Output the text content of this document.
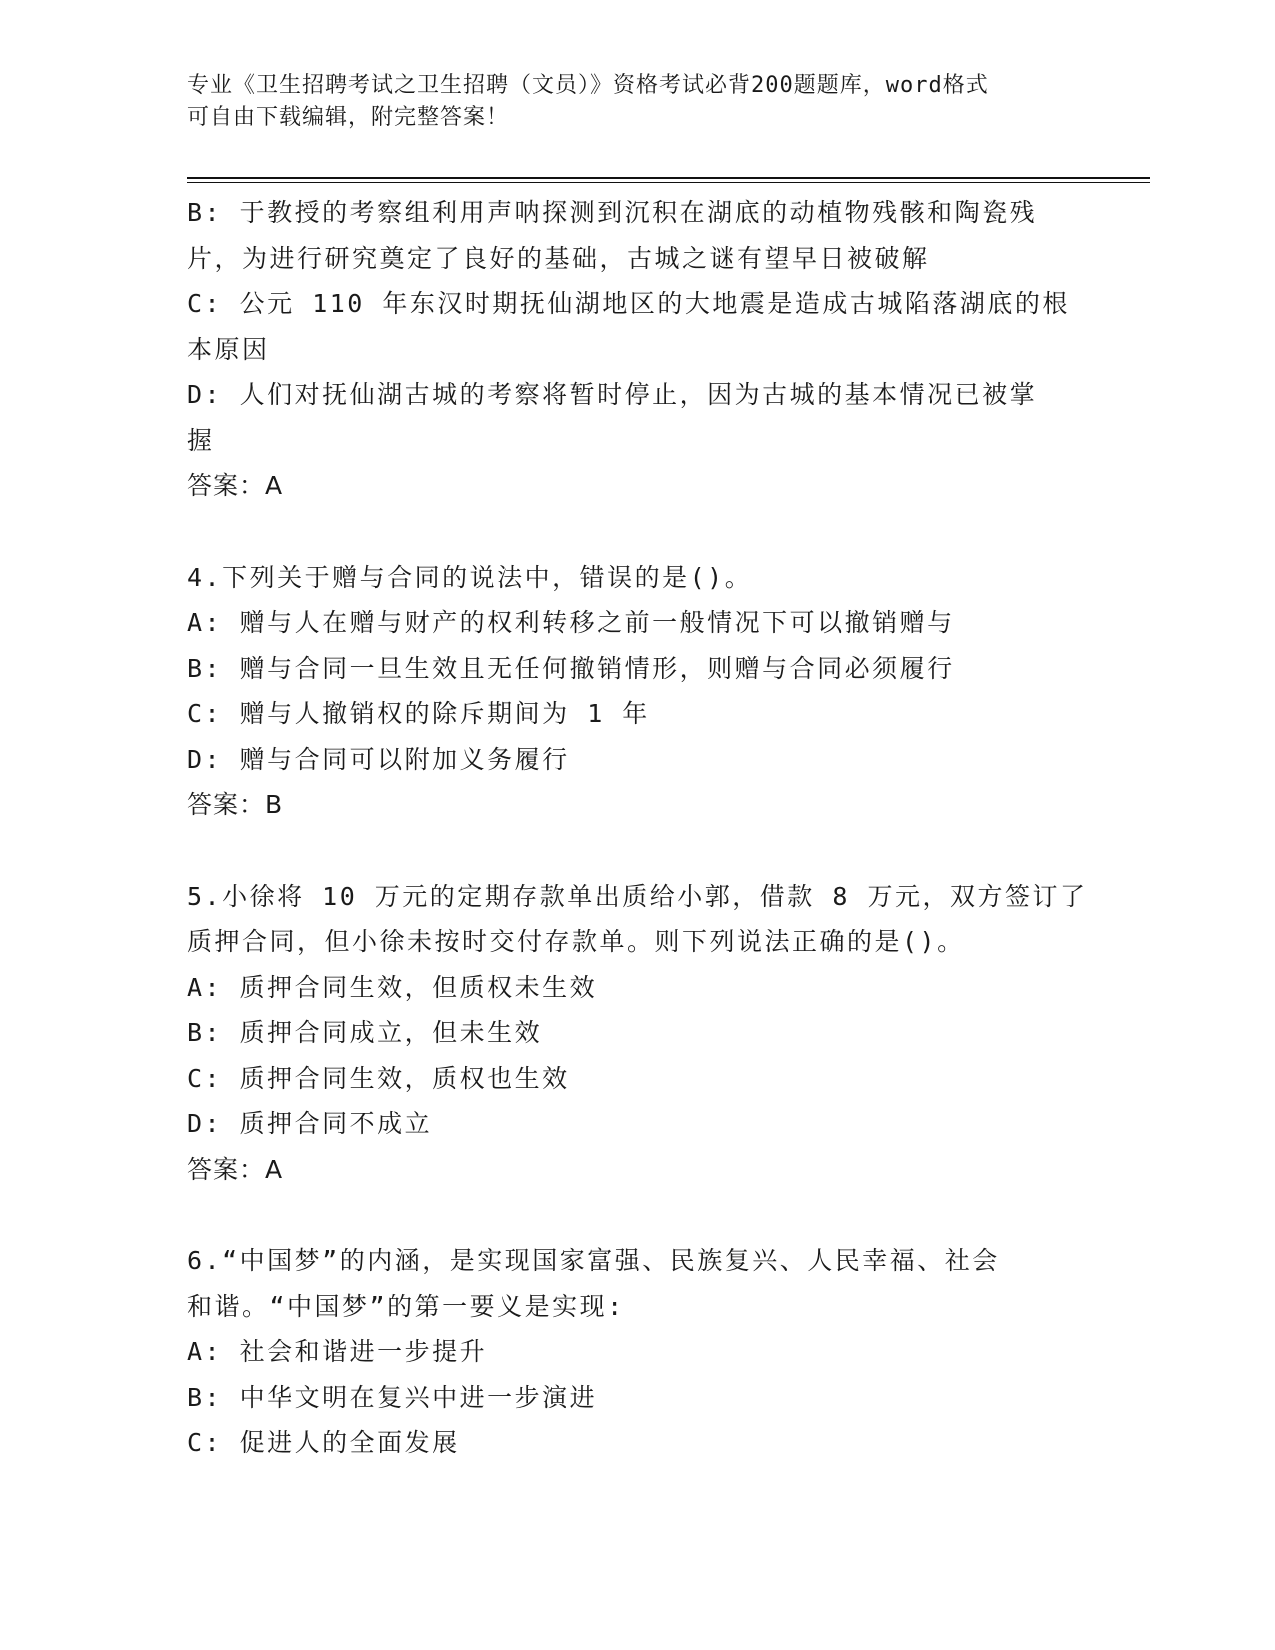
专业《卫生招聘考试之卫生招聘（文员）》资格考试必背200题题库，word格式
可自由下载编辑，附完整答案！
B: 于教授的考察组利用声呐探测到沉积在湖底的动植物残骸和陶瓷残
片，为进行研究奠定了良好的基础，古城之谜有望早日被破解
C: 公元 110 年东汉时期抚仙湖地区的大地震是造成古城陷落湖底的根
本原因
D: 人们对抚仙湖古城的考察将暂时停止，因为古城的基本情况已被掌
握
答案：A
4.下列关于赠与合同的说法中，错误的是()。
A: 赠与人在赠与财产的权利转移之前一般情况下可以撤销赠与
B: 赠与合同一旦生效且无任何撤销情形，则赠与合同必须履行
C: 赠与人撤销权的除斥期间为 1 年
D: 赠与合同可以附加义务履行
答案：B
5.小徐将 10 万元的定期存款单出质给小郭，借款 8 万元，双方签订了
质押合同，但小徐未按时交付存款单。则下列说法正确的是()。
A: 质押合同生效，但质权未生效
B: 质押合同成立，但未生效
C: 质押合同生效，质权也生效
D: 质押合同不成立
答案：A
6.“中国梦”的内涵，是实现国家富强、民族复兴、人民幸福、社会
和谐。“中国梦”的第一要义是实现:
A: 社会和谐进一步提升
B: 中华文明在复兴中进一步演进
C: 促进人的全面发展
